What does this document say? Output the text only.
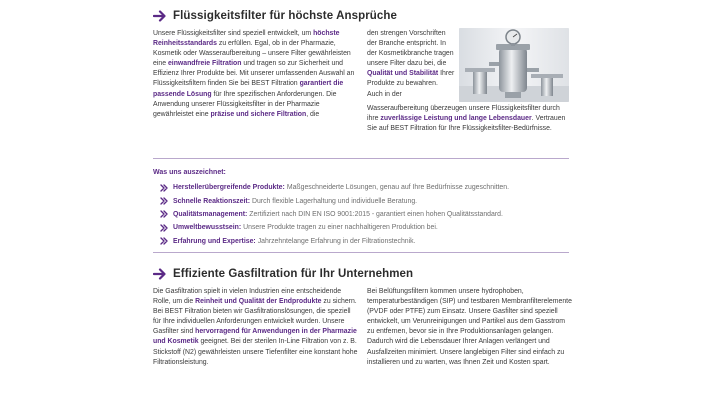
Flüssigkeitsfilter für höchste Ansprüche
Unsere Flüssigkeitsfilter sind speziell entwickelt, um höchste Reinheitsstandards zu erfüllen. Egal, ob in der Pharmazie, Kosmetik oder Wasseraufbereitung – unsere Filter gewährleisten eine einwandfreie Filtration und tragen so zur Sicherheit und Effizienz Ihrer Produkte bei. Mit unserer umfassenden Auswahl an Flüssigkeitsfiltern finden Sie bei BEST Filtration garantiert die passende Lösung für Ihre spezifischen Anforderungen. Die Anwendung unserer Flüssigkeitsfilter in der Pharmazie gewährleistet eine präzise und sichere Filtration, die
den strengen Vorschriften der Branche entspricht. In der Kosmetikbranche tragen unsere Filter dazu bei, die Qualität und Stabilität Ihrer Produkte zu bewahren. Auch in der
Wasseraufbereitung überzeugen unsere Flüssigkeitsfilter durch ihre zuverlässige Leistung und lange Lebensdauer. Vertrauen Sie auf BEST Filtration für Ihre Flüssigkeitsfilter-Bedürfnisse.
Was uns auszeichnet:
Herstellerübergreifende Produkte : Maßgeschneiderte Lösungen, genau auf Ihre Bedürfnisse zugeschnitten.
Schnelle Reaktionszeit : Durch flexible Lagerhaltung und individuelle Beratung.
Qualitätsmanagement : Zertifiziert nach DIN EN ISO 9001:2015 - garantiert einen hohen Qualitätsstandard.
Umweltbewusstsein : Unsere Produkte tragen zu einer nachhaltigeren Produktion bei.
Erfahrung und Expertise : Jahrzehntelange Erfahrung in der Filtrationstechnik.
Effiziente Gasfiltration für Ihr Unternehmen
Die Gasfiltration spielt in vielen Industrien eine entscheidende Rolle, um die Reinheit und Qualität der Endprodukte zu sichern. Bei BEST Filtration bieten wir Gasfiltrationslösungen, die speziell für Ihre individuellen Anforderungen entwickelt wurden. Unsere Gasfilter sind hervorragend für Anwendungen in der Pharmazie und Kosmetik geeignet. Bei der sterilen In-Line Filtration von z. B. Stickstoff (N2) gewährleisten unsere Tiefenfilter eine konstant hohe Filtrationsleistung.
Bei Belüftungsfiltern kommen unsere hydrophoben, temperaturbeständigen (SIP) und testbaren Membranfilterelemente (PVDF oder PTFE) zum Einsatz. Unsere Gasfilter sind speziell entwickelt, um Verunreinigungen und Partikel aus dem Gasstrom zu entfernen, bevor sie in Ihre Produktionsanlagen gelangen. Dadurch wird die Lebensdauer Ihrer Anlagen verlängert und Ausfallzeiten minimiert. Unsere langlebigen Filter sind einfach zu installieren und zu warten, was Ihnen Zeit und Kosten spart.
